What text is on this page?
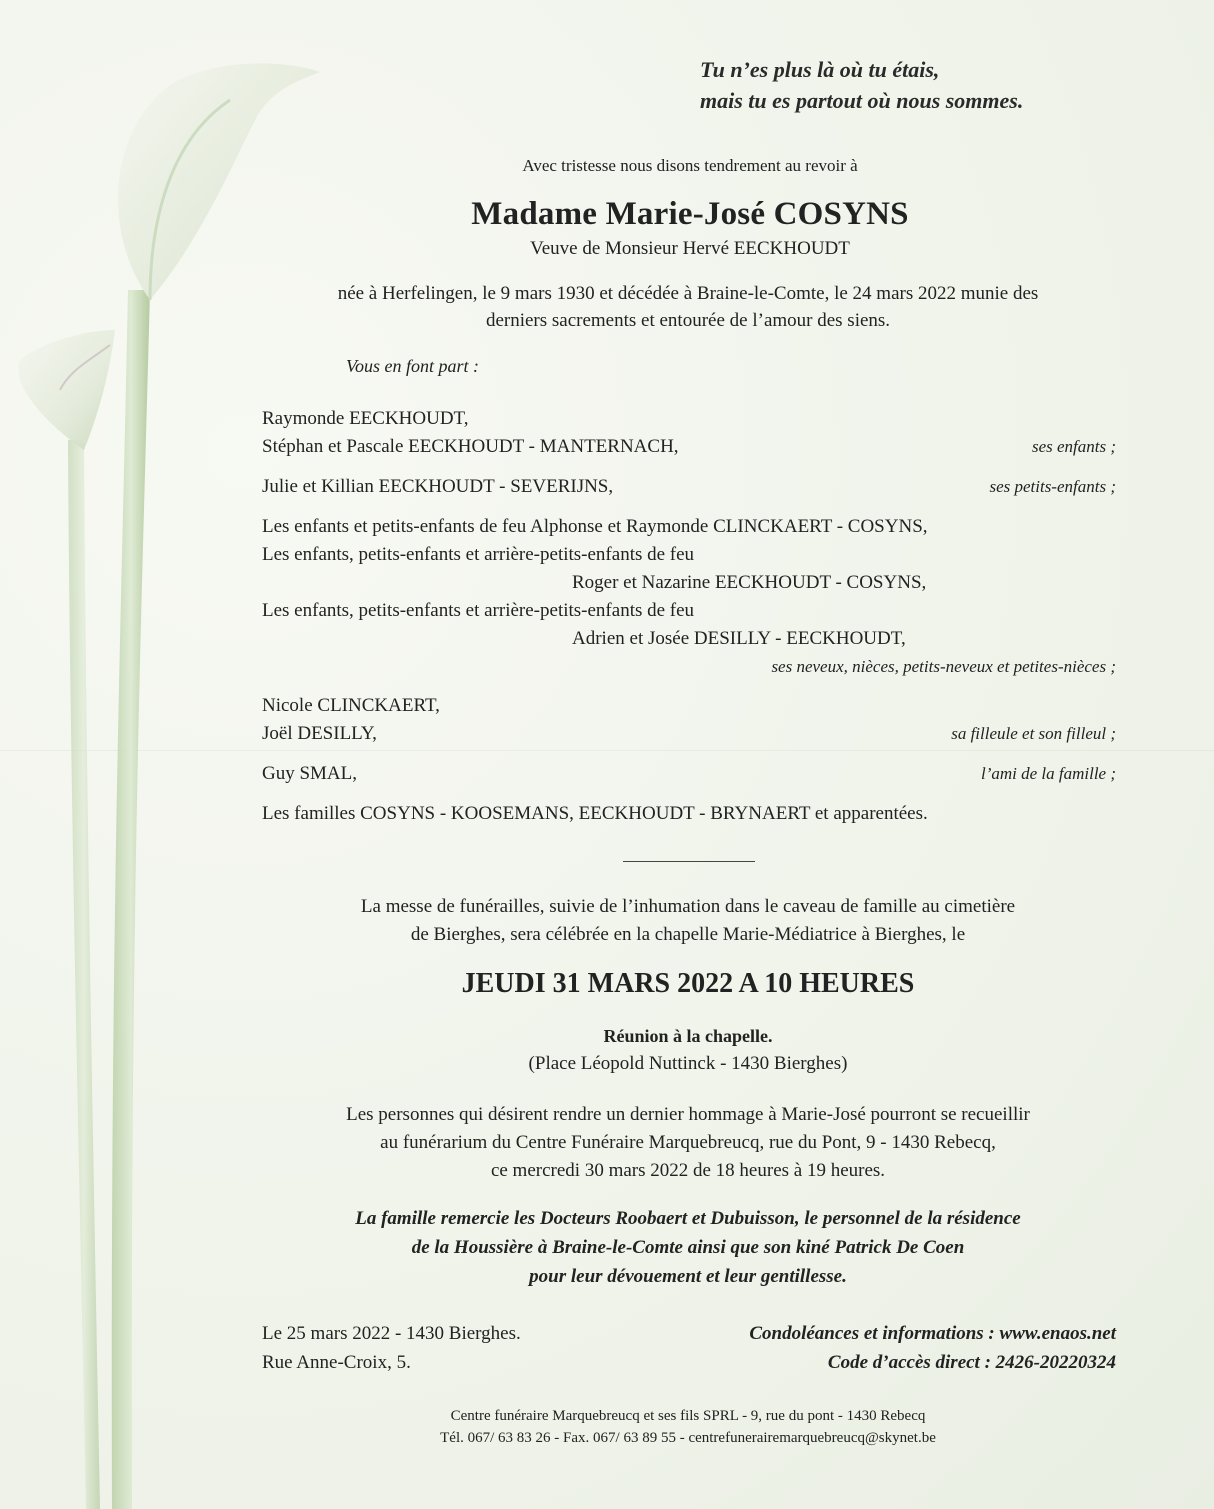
Tu n’es plus là où tu étais,
mais tu es partout où nous sommes.
Avec tristesse nous disons tendrement au revoir à
Madame Marie-José COSYNS
Veuve de Monsieur Hervé EECKHOUDT
née à Herfelingen, le 9 mars 1930 et décédée à Braine-le-Comte, le 24 mars 2022 munie des
derniers sacrements et entourée de l’amour des siens.
Vous en font part :
Raymonde EECKHOUDT,
Stéphan et Pascale EECKHOUDT - MANTERNACH,	ses enfants ;
Julie et Killian EECKHOUDT - SEVERIJNS,	ses petits-enfants ;
Les enfants et petits-enfants de feu Alphonse et Raymonde CLINCKAERT - COSYNS,
Les enfants, petits-enfants et arrière-petits-enfants de feu
Roger et Nazarine EECKHOUDT - COSYNS,
Les enfants, petits-enfants et arrière-petits-enfants de feu
Adrien et Josée DESILLY - EECKHOUDT,
ses neveux, nièces, petits-neveux et petites-nièces ;
Nicole CLINCKAERT,
Joël DESILLY,	sa filleule et son filleul ;
Guy SMAL,	l’ami de la famille ;
Les familles COSYNS - KOOSEMANS, EECKHOUDT - BRYNAERT et apparentées.
La messe de funérailles, suivie de l’inhumation dans le caveau de famille au cimetière
de Bierghes, sera célébrée en la chapelle Marie-Médiatrice à Bierghes, le
JEUDI 31 MARS 2022 A 10 HEURES
Réunion à la chapelle.
(Place Léopold Nuttinck - 1430 Bierghes)
Les personnes qui désirent rendre un dernier hommage à Marie-José pourront se recueillir
au funérarium du Centre Funéraire Marquebreucq, rue du Pont, 9 - 1430 Rebecq,
ce mercredi 30 mars 2022 de 18 heures à 19 heures.
La famille remercie les Docteurs Roobaert et Dubuisson, le personnel de la résidence
de la Houssière à Braine-le-Comte ainsi que son kiné Patrick De Coen
pour leur dévouement et leur gentillesse.
Le 25 mars 2022 - 1430 Bierghes.
Rue Anne-Croix, 5.
Condoléances et informations : www.enaos.net
Code d’accès direct : 2426-20220324
Centre funéraire Marquebreucq et ses fils SPRL - 9, rue du pont - 1430 Rebecq
Tél. 067/ 63 83 26 - Fax. 067/ 63 89 55 - centrefunerairemarquebreucq@skynet.be
